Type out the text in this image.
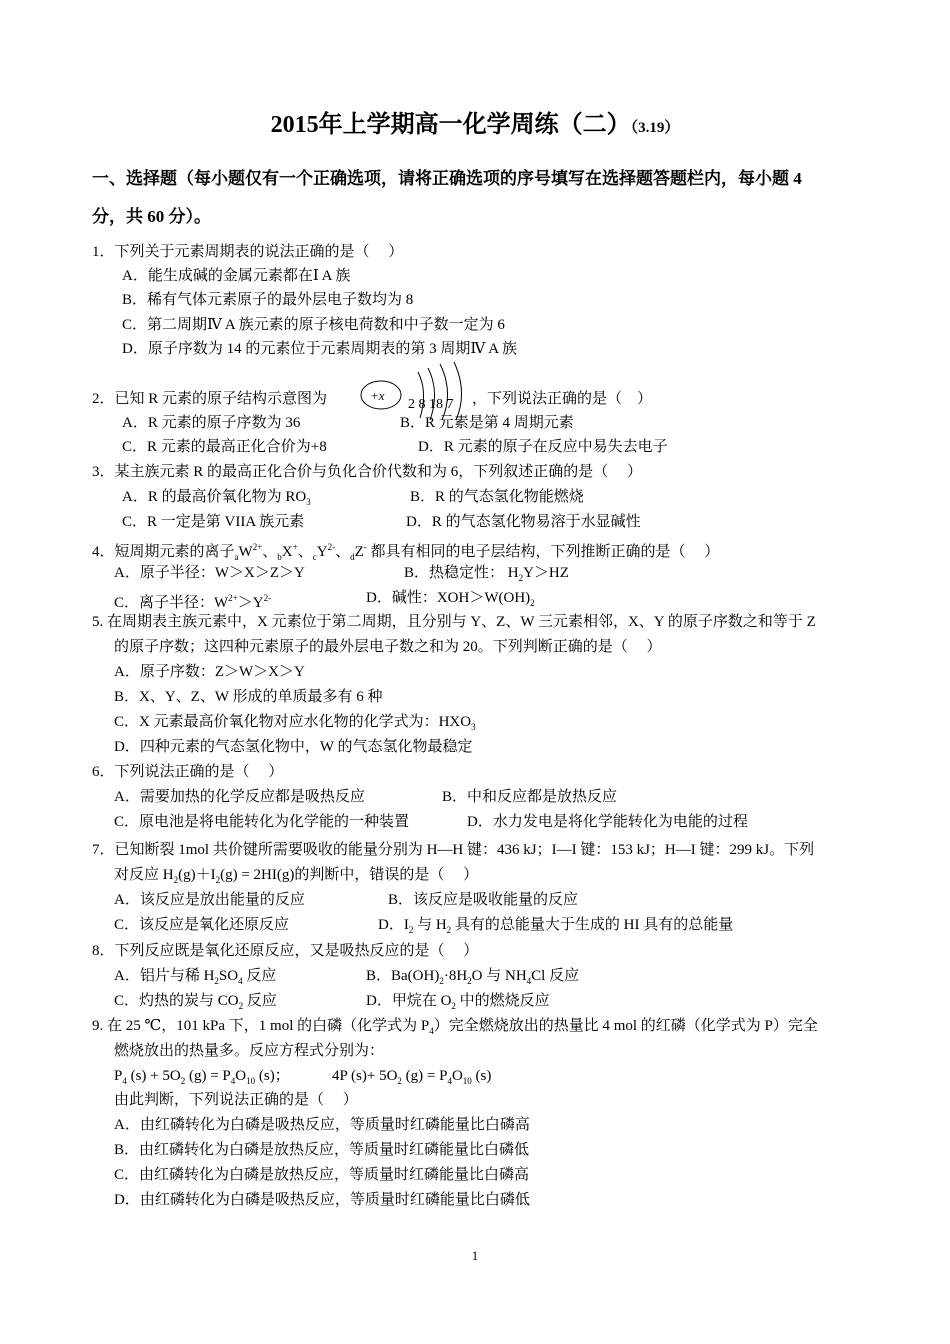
2015年上学期高一化学周练（二）（3.19）
一、选择题（每小题仅有一个正确选项，请将正确选项的序号填写在选择题答题栏内，每小题 4
分，共 60 分）。
1．下列关于元素周期表的说法正确的是（　 ）
A．能生成碱的金属元素都在Ⅰ A 族
B．稀有气体元素原子的最外层电子数均为 8
C．第二周期Ⅳ A 族元素的原子核电荷数和中子数一定为 6
D．原子序数为 14 的元素位于元素周期表的第 3 周期Ⅳ A 族
2．已知 R 元素的原子结构示意图为	+x
2 8 18 7 ，下列说法正确的是（　）
A．R 元素的原子序数为 36	B．R 元素是第 4 周期元素
C．R 元素的最高正化合价为+8	D．R 元素的原子在反应中易失去电子
3．某主族元素 R 的最高正化合价与负化合价代数和为 6，下列叙述正确的是（　 ）
A．R 的最高价氧化物为 $RO_3$	B．R 的气态氢化物能燃烧
C．R 一定是第 VIIA 族元素	D．R 的气态氢化物易溶于水显碱性
4．短周期元素的离子$_aW^{2+}$、$_b$X+、$_cY^{2-}$、$_d$Z- 都具有相同的电子层结构，下列推断正确的是（　 ）
A．原子半径：W＞X＞Z＞Y	B．热稳定性： $H_2Y>HZ$
C．离子半径：$W^{2+}>Y^{2-}$	D．碱性：$XOH>W(OH)_2$
5. 在周期表主族元素中，X 元素位于第二周期，且分别与 Y、Z、W 三元素相邻，X、Y 的原子序数之和等于 Z
的原子序数；这四种元素原子的最外层电子数之和为 20。下列判断正确的是（　 ）
A．原子序数：Z＞W＞X＞Y
B．X、Y、Z、W 形成的单质最多有 6 种
C．X 元素最高价氧化物对应水化物的化学式为：$HXO_3$
D．四种元素的气态氢化物中，W 的气态氢化物最稳定
6．下列说法正确的是（　 ）
A．需要加热的化学反应都是吸热反应	B．中和反应都是放热反应
C．原电池是将电能转化为化学能的一种装置	D．水力发电是将化学能转化为电能的过程
7．已知断裂 1mol 共价键所需要吸收的能量分别为 H—H 键：436 kJ；I—I 键：153 kJ；H—I 键：299 kJ。下列
对反应 $H_2(g)+I_2(g) = 2HI(g)$的判断中，错误的是（　 ）
A．该反应是放出能量的反应	B．该反应是吸收能量的反应
C．该反应是氧化还原反应	D．$I_2$ 与 $H_2$ 具有的总能量大于生成的 HI 具有的总能量
8．下列反应既是氧化还原反应，又是吸热反应的是（　 ）
A．铝片与稀 $H_2SO_4$ 反应	B．$Ba(OH)_2\cdot 8H_2O$ 与 $NH_4Cl$ 反应
C．灼热的炭与 $CO_2$ 反应	D．甲烷在 $O_2$ 中的燃烧反应
9. 在 25 ℃，101 kPa 下，1 mol 的白磷（化学式为 $P_4$）完全燃烧放出的热量比 4 mol 的红磷（化学式为 P）完全
燃烧放出的热量多。反应方程式分别为：
$P_4$ $(s) + 5O_2$ $(g) = P_4O_{10}$ (s)；	4P $(s)+ 5O_2$ $(g) = P_4O_{10}$ (s)
由此判断，下列说法正确的是（　 ）
A．由红磷转化为白磷是吸热反应，等质量时红磷能量比白磷高
B．由红磷转化为白磷是放热反应，等质量时红磷能量比白磷低
C．由红磷转化为白磷是放热反应，等质量时红磷能量比白磷高
D．由红磷转化为白磷是吸热反应，等质量时红磷能量比白磷低
1
